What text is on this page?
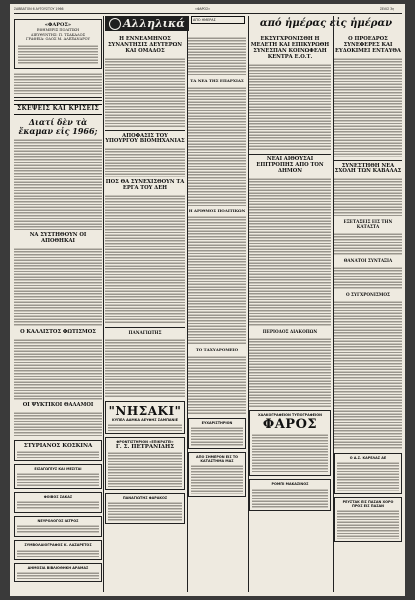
ΣΑΒΒΑΤΟΝ 6 ΑΥΓΟΥΣΤΟΥ 1966	«ΦΑΡΟΣ»	ΣΕΛΙΣ 3η
Αλληλικά	ΑΠΟ ΗΜΕΡΑΣ	από ἡμέρας εἰς ἡμέραν
«ΦΑΡΟΣ»
ΕΦΗΜΕΡΙΣ ΠΟΛΙΤΙΚΗ
ΔΙΕΥΘΥΝΤΗΣ: Π. ΤΣΑΚΑΛΟΣ
ΓΡΑΦΕΙΑ: ΟΔΟΣ Μ. ΑΛΕΞΑΝΔΡΟΥ
ΣΚΕΨΕΙΣ ΚΑΙ ΚΡΙΣΕΙΣ
Διατί δὲν τὰ ἔκαμαν εἰς 1966;
ΝΑ ΣΥΣΤΗΘΟΥΝ ΟΙ ΑΠΟΘΗΚΑΙ
Ο ΚΑΛΛΙΣΤΟΣ ΦΩΤΙΣΜΟΣ
ΟΙ ΨΥΚΤΙΚΟΙ ΘΑΛΑΜΟΙ
ΣΤΥΡΙΑΝΟΣ ΚΟΣΚΙΝΑ
ΕΙΣΑΓΩΓΕΥΣ ΚΑΙ ΜΕΣΙΤΑΙ
ΦΟΙΒΟΣ ΣΑΚΑΣ
ΝΕΥΡΟΛΟΓΟΣ ΙΑΤΡΟΣ
ΣΥΜΒΟΛΑΙΟΓΡΑΦΟΣ Κ. ΛΑΖΑΡΕΤΟΣ
ΔΗΜΟΣΙΑ ΒΙΒΛΙΟΘΗΚΗ ΔΡΑΜΑΣ
Η ΕΝΝΕΑΜΗΝΟΣ ΣΥΝΑΝΤΗΣΙΣ ΔΕΥΤΕΡΩΝ ΚΑΙ ΟΜΑΔΟΣ
ΑΠΟΦΑΣΙΣ ΤΟΥ ΥΠΟΥΡΓΟΥ ΒΙΟΜΗΧΑΝΙΑΣ
ΠΟΣ ΘΑ ΣΥΝΕΧΙΣΘΟΥΝ ΤΑ ΕΡΓΑ ΤΟΥ ΔΕΗ
ΠΑΝΑΓΙΩΤΗΣ
"ΝΗΣΑΚΙ"
ΚΥΠΕΛ ΔΑΜΚΑ ΑΕΥΦΗΣ ΣΑΜΠΑΝΙΕ
ΦΡΟΝΤΙΣΤΗΡΙΟΝ «ΕΠΙΚΡΑΤΕΙ»
Γ. Σ. ΠΕΤΡΑΝΙΔΗΣ
ΠΑΝΑΓΙΩΤΗΣ ΦΑΡΑΚΟΣ
ΤΑ ΝΕΑ ΤΗΣ ΕΠΑΡΧΙΑΣ
Η ΑΡΙΘΜΟΣ ΠΟΛΙΤΙΚΩΝ
ΤΟ ΤΑΧΥΔΡΟΜΕΙΟ
ΕΥΧΑΡΙΣΤΗΡΙΟΝ
ΑΠΟ ΣΗΜΕΡΟΝ ΕΙΣ ΤΟ ΚΑΤΑΣΤΗΜΑ ΜΑΣ
ΕΚΣΥΓΧΡΟΝΙΣΘΗ Η ΜΕΛΕΤΗ ΚΑΙ ΕΠΙΚΥΡΩΘΗ ΣΥΝΕΣΠΑΝ ΚΟΙΝΩΦΕΛΗ ΚΕΝΤΡΑ Ε.Ο.Τ.
ΝΕΑΙ ΑΙΘΟΥΣΑΙ ΕΠΙΤΡΟΠΗΣ ΑΠΟ ΤΟΝ ΔΗΜΟΝ
ΠΕΡΙΟΔΟΣ ΔΙΑΚΟΠΩΝ
ΧΑΛΚΟΓΡΑΦΕΙΟΝ ΤΥΠΟΓΡΑΦΕΙΟΝ
ΦΑΡΟΣ
ΡΟΜΠΙ ΜΑΚΑΣΙΝΟΣ
Ο ΠΡΟΕΔΡΟΣ ΣΥΝΕΦΕΡΕΣ ΚΑΙ ΕΥΔΟΚΙΜΕΙ ΕΝΤΑΥΘΑ
ΣΥΝΕΣΤΗΘΗ ΝΕΑ ΣΧΟΛΗ ΤΩΝ ΚΑΒΑΛΑΣ
ΕΞΕΤΑΣΕΙΣ ΕΙΣ ΤΗΝ ΚΑΤΑΣΤΑ
ΘΑΝΑΤΟΙ ΣΥΝΤΑΞΙΑ
Ο ΣΥΓΧΡΟΝΙΣΜΟΣ
Ο Δ.Σ. ΚΑΡΕΛΑΣ ΑΕ
ΡΕΥΣΤΑΚ ΕΙΣ ΠΑΣΑΝ ΧΟΡΟ ΠΡΟΣ ΕΙΣ ΠΑΣΑΝ
